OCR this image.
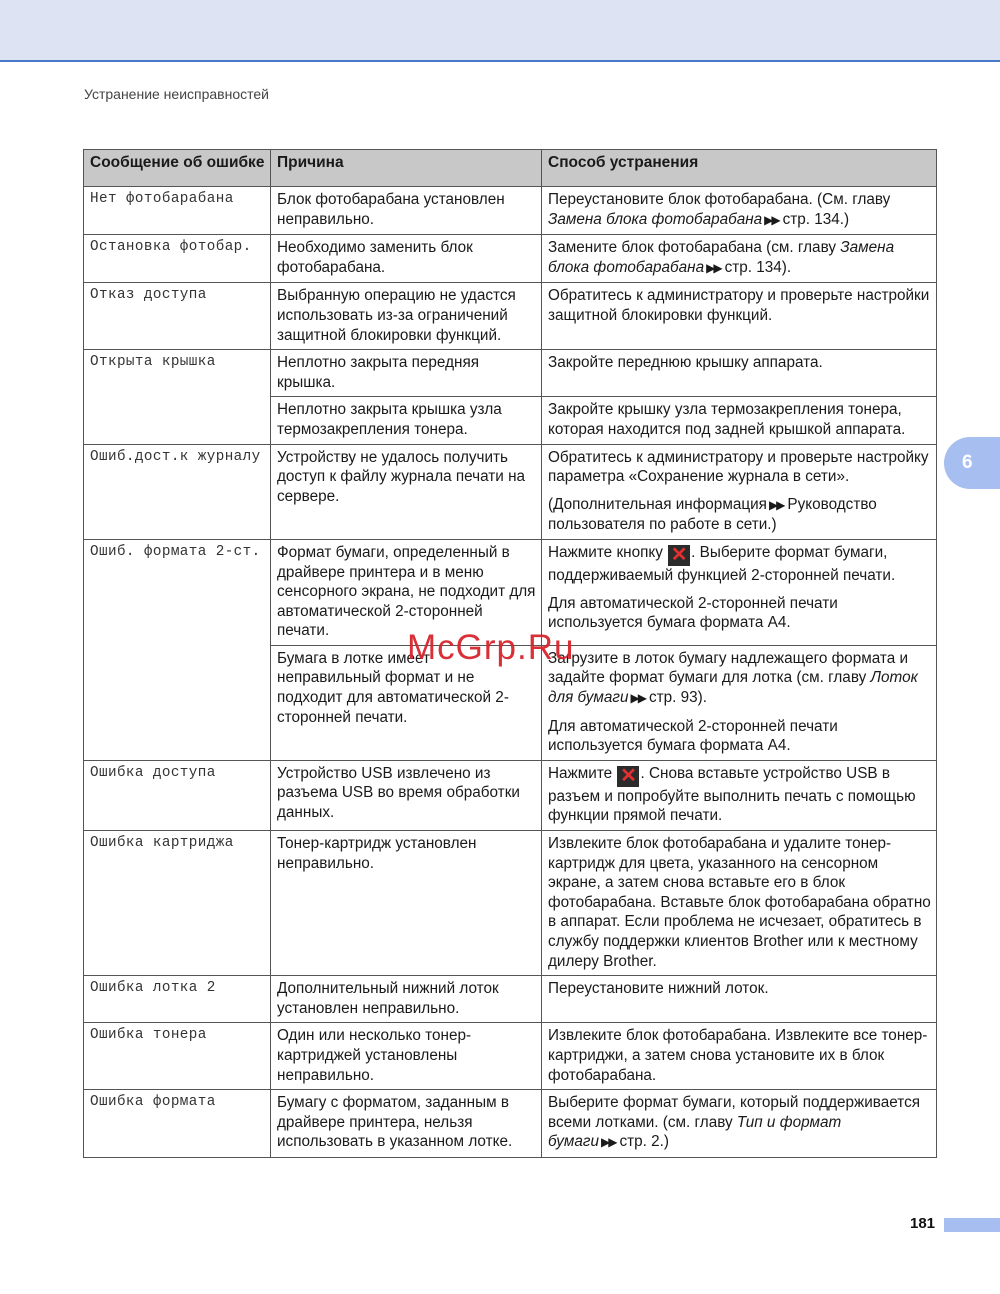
Устранение неисправностей
6
Сообщение об ошибке	Причина	Способ устранения
Нет фотобарабана	Блок фотобарабана установлен неправильно.	Переустановите блок фотобарабана. (См. главу Замена блока фотобарабана ▶▶ стр. 134.)
Остановка фотобар.	Необходимо заменить блок фотобарабана.	Замените блок фотобарабана (см. главу Замена блока фотобарабана ▶▶ стр. 134).
Отказ доступа	Выбранную операцию не удастся использовать из-за ограничений защитной блокировки функций.	Обратитесь к администратору и проверьте настройки защитной блокировки функций.
Открыта крышка	Неплотно закрыта передняя крышка.	Закройте переднюю крышку аппарата.
	Неплотно закрыта крышка узла термозакрепления тонера.	Закройте крышку узла термозакрепления тонера, которая находится под задней крышкой аппарата.
Ошиб.дост.к журналу	Устройству не удалось получить доступ к файлу журнала печати на сервере.	Обратитесь к администратору и проверьте настройку параметра «Сохранение журнала в сети».

(Дополнительная информация ▶▶ Руководство пользователя по работе в сети.)

Ошиб. формата 2-ст.	Формат бумаги, определенный в драйвере принтера и в меню сенсорного экрана, не подходит для автоматической 2-сторонней печати.	Нажмите кнопку ✕ . Выберите формат бумаги, поддерживаемый функцией 2-сторонней печати.

Для автоматической 2-сторонней печати используется бумага формата A4.

	Бумага в лотке имеет неправильный формат и не подходит для автоматической 2-сторонней печати.	Загрузите в лоток бумагу надлежащего формата и задайте формат бумаги для лотка (см. главу Лоток для бумаги ▶▶ стр. 93).

Для автоматической 2-сторонней печати используется бумага формата A4.

Ошибка доступа	Устройство USB извлечено из разъема USB во время обработки данных.	Нажмите ✕ . Снова вставьте устройство USB в разъем и попробуйте выполнить печать с помощью функции прямой печати.
Ошибка картриджа	Тонер-картридж установлен неправильно.	Извлеките блок фотобарабана и удалите тонер-картридж для цвета, указанного на сенсорном экране, а затем снова вставьте его в блок фотобарабана. Вставьте блок фотобарабана обратно в аппарат. Если проблема не исчезает, обратитесь в службу поддержки клиентов Brother или к местному дилеру Brother.
Ошибка лотка 2	Дополнительный нижний лоток установлен неправильно.	Переустановите нижний лоток.
Ошибка тонера	Один или несколько тонер-картриджей установлены неправильно.	Извлеките блок фотобарабана. Извлеките все тонер-картриджи, а затем снова установите их в блок фотобарабана.
Ошибка формата	Бумагу с форматом, заданным в драйвере принтера, нельзя использовать в указанном лотке.	Выберите формат бумаги, который поддерживается всеми лотками. (см. главу Тип и формат бумаги ▶▶ стр. 2.)
McGrp.Ru
181
